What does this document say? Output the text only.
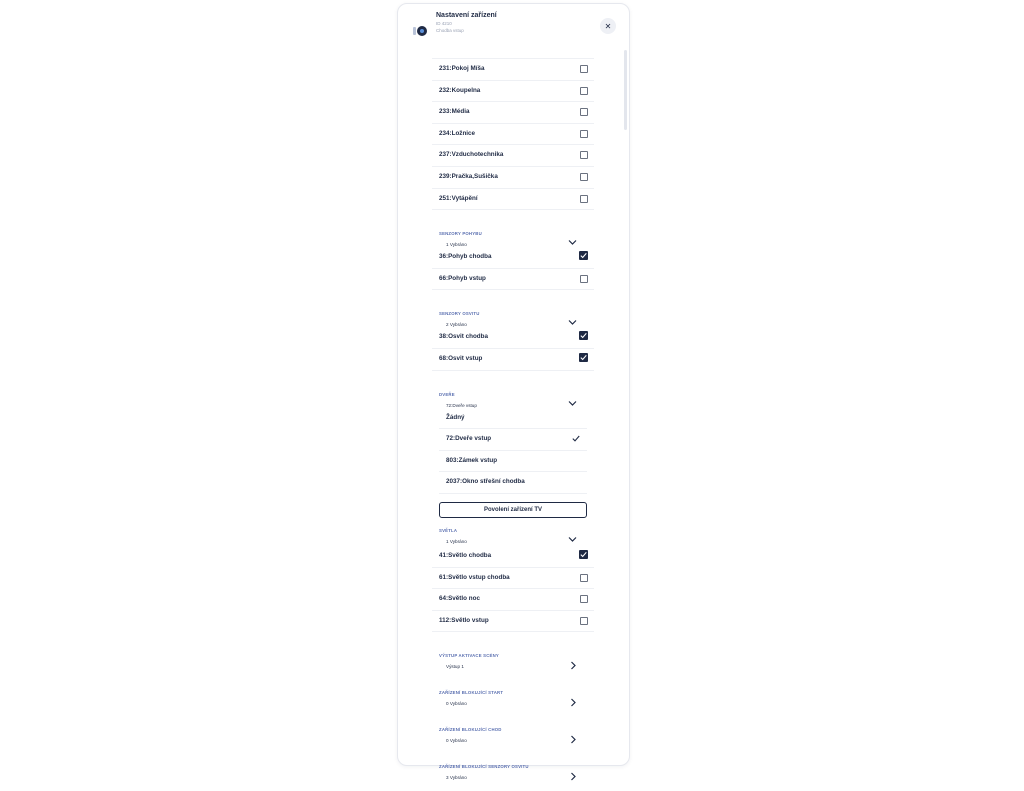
Nastavení zařízení
ID 4210
Chodba vstup	✕
231:Pokoj Míša
232:Koupelna
233:Média
234:Ložnice
237:Vzduchotechnika
239:Pračka,Sušička
251:Vytápění
SENZORY POHYBU
1 Vybráno
36:Pohyb chodba
66:Pohyb vstup
SENZORY OSVITU
2 Vybráno
38:Osvit chodba
68:Osvit vstup
DVEŘE
72:Dveře vstup
Žádný
72:Dveře vstup
803:Zámek vstup
2037:Okno střešní chodba
Povolení zařízení TV
SVĚTLA
1 Vybráno
41:Světlo chodba
61:Světlo vstup chodba
64:Světlo noc
112:Světlo vstup
VÝSTUP AKTIVACE SCÉNY
Výstup 1
ZAŘÍZENÍ BLOKUJÍCÍ START
0 Vybráno
ZAŘÍZENÍ BLOKUJÍCÍ CHOD
0 Vybráno
ZAŘÍZENÍ BLOKUJÍCÍ SENZORY OSVITU
3 Vybráno
